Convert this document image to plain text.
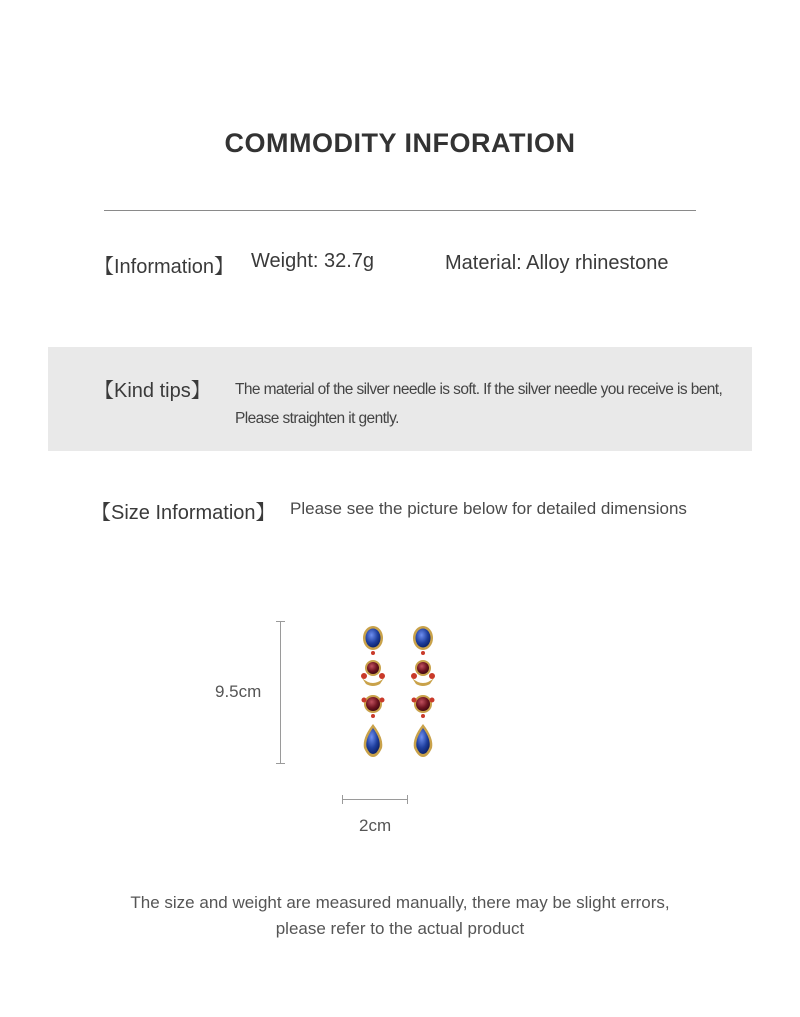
COMMODITY INFORATION
【Information】 Weight: 32.7g	Material: Alloy rhinestone
【Kind tips】 The material of the silver needle is soft. If the silver needle you receive is bent,
Please straighten it gently.
【Size Information】 Please see the picture below for detailed dimensions
9.5cm
2cm
The size and weight are measured manually, there may be slight errors,
please refer to the actual product
